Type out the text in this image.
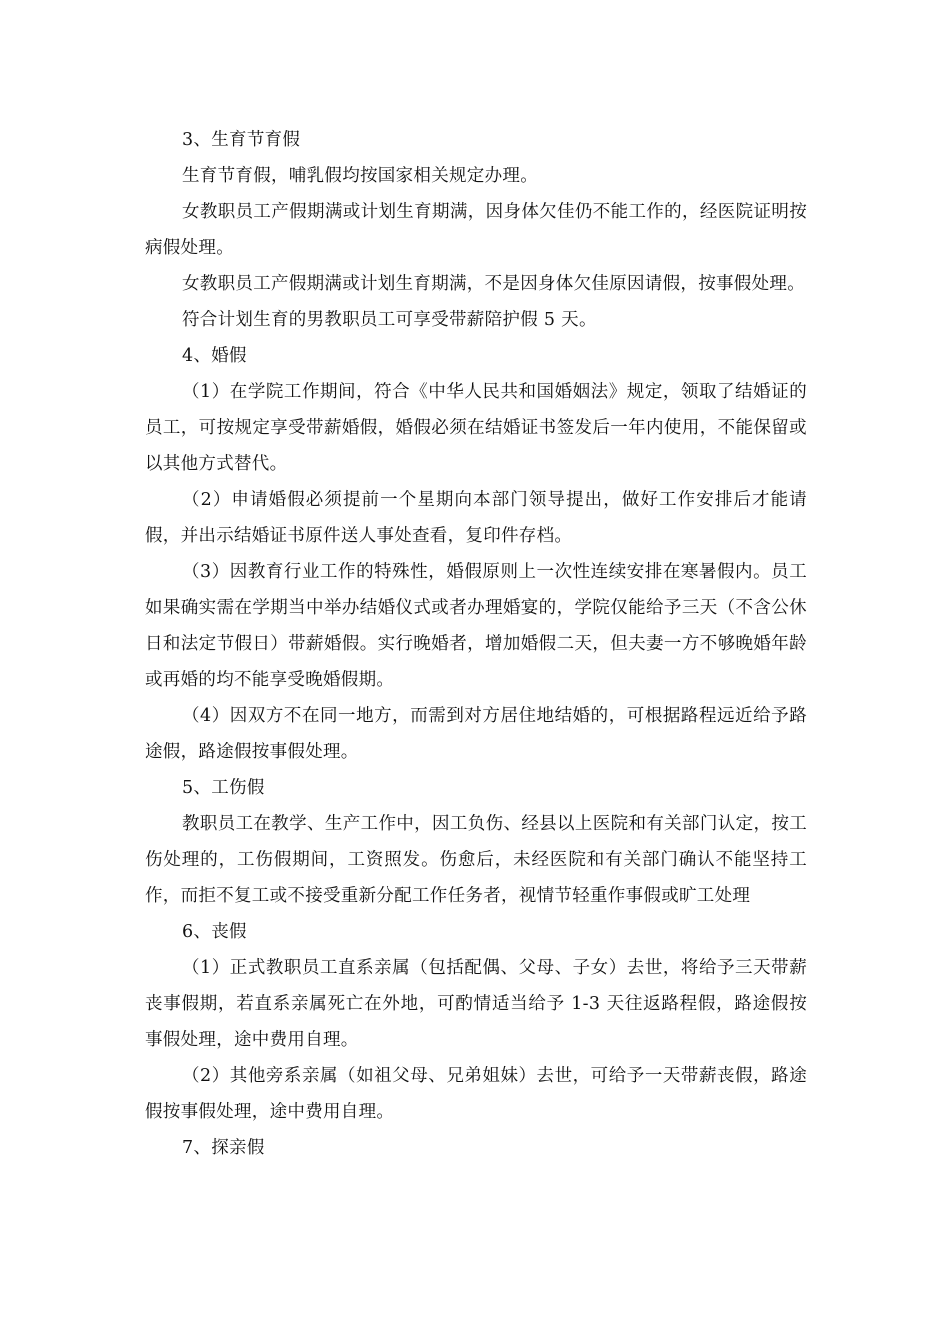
3、生育节育假

生育节育假，哺乳假均按国家相关规定办理。

女教职员工产假期满或计划生育期满，因身体欠佳仍不能工作的，经医院证明按病假处理。

女教职员工产假期满或计划生育期满，不是因身体欠佳原因请假，按事假处理。

符合计划生育的男教职员工可享受带薪陪护假 5 天。

4、婚假

（1）在学院工作期间，符合《中华人民共和国婚姻法》规定，领取了结婚证的员工，可按规定享受带薪婚假，婚假必须在结婚证书签发后一年内使用，不能保留或以其他方式替代。

（2）申请婚假必须提前一个星期向本部门领导提出，做好工作安排后才能请假，并出示结婚证书原件送人事处查看，复印件存档。

（3）因教育行业工作的特殊性，婚假原则上一次性连续安排在寒暑假内。员工如果确实需在学期当中举办结婚仪式或者办理婚宴的，学院仅能给予三天（不含公休日和法定节假日）带薪婚假。实行晚婚者，增加婚假二天，但夫妻一方不够晚婚年龄或再婚的均不能享受晚婚假期。

（4）因双方不在同一地方，而需到对方居住地结婚的，可根据路程远近给予路途假，路途假按事假处理。

5、工伤假

教职员工在教学、生产工作中，因工负伤、经县以上医院和有关部门认定，按工伤处理的，工伤假期间，工资照发。伤愈后，未经医院和有关部门确认不能坚持工作，而拒不复工或不接受重新分配工作任务者，视情节轻重作事假或旷工处理

6、丧假

（1）正式教职员工直系亲属（包括配偶、父母、子女）去世，将给予三天带薪丧事假期，若直系亲属死亡在外地，可酌情适当给予 1-3 天往返路程假，路途假按事假处理，途中费用自理。

（2）其他旁系亲属（如祖父母、兄弟姐妹）去世，可给予一天带薪丧假，路途假按事假处理，途中费用自理。

7、探亲假
